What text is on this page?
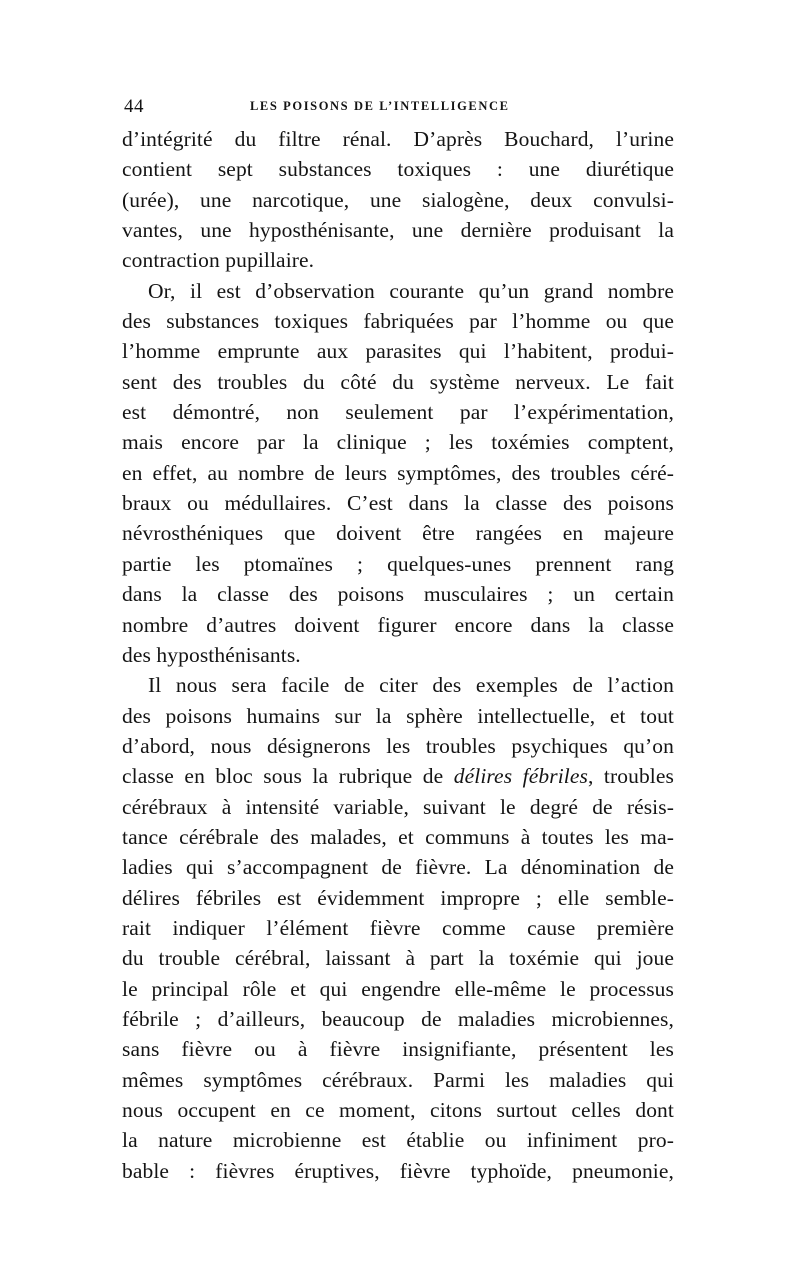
44	LES POISONS DE L’INTELLIGENCE
d’intégrité du filtre rénal. D’après Bouchard, l’urine
contient sept substances toxiques : une diurétique
(urée), une narcotique, une sialogène, deux convulsi-
vantes, une hyposthénisante, une dernière produisant la
contraction pupillaire.
Or, il est d’observation courante qu’un grand nombre
des substances toxiques fabriquées par l’homme ou que
l’homme emprunte aux parasites qui l’habitent, produi-
sent des troubles du côté du système nerveux. Le fait
est démontré, non seulement par l’expérimentation,
mais encore par la clinique ; les toxémies comptent,
en effet, au nombre de leurs symptômes, des troubles céré-
braux ou médullaires. C’est dans la classe des poisons
névrosthéniques que doivent être rangées en majeure
partie les ptomaïnes ; quelques-unes prennent rang
dans la classe des poisons musculaires ; un certain
nombre d’autres doivent figurer encore dans la classe
des hyposthénisants.
Il nous sera facile de citer des exemples de l’action
des poisons humains sur la sphère intellectuelle, et tout
d’abord, nous désignerons les troubles psychiques qu’on
classe en bloc sous la rubrique de délires fébriles, troubles
cérébraux à intensité variable, suivant le degré de résis-
tance cérébrale des malades, et communs à toutes les ma-
ladies qui s’accompagnent de fièvre. La dénomination de
délires fébriles est évidemment impropre ; elle semble-
rait indiquer l’élément fièvre comme cause première
du trouble cérébral, laissant à part la toxémie qui joue
le principal rôle et qui engendre elle-même le processus
fébrile ; d’ailleurs, beaucoup de maladies microbiennes,
sans fièvre ou à fièvre insignifiante, présentent les
mêmes symptômes cérébraux. Parmi les maladies qui
nous occupent en ce moment, citons surtout celles dont
la nature microbienne est établie ou infiniment pro-
bable : fièvres éruptives, fièvre typhoïde, pneumonie,
